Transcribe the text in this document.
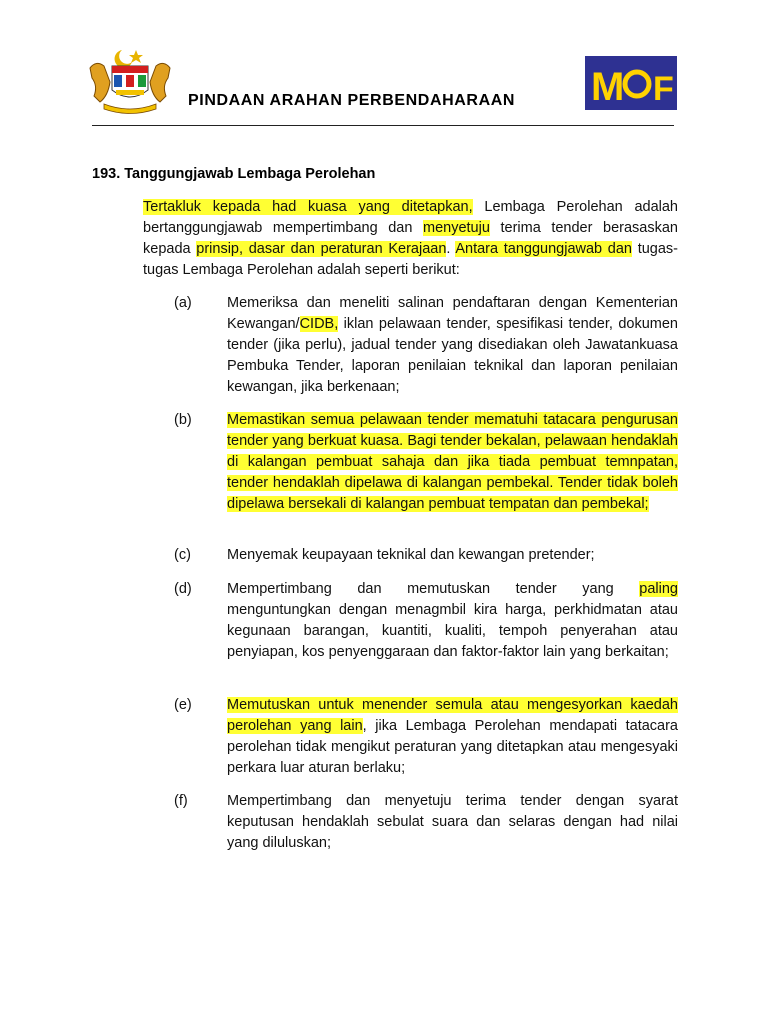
PINDAAN ARAHAN PERBENDAHARAAN M F
193. Tanggungjawab Lembaga Perolehan

Tertakluk kepada had kuasa yang ditetapkan, Lembaga Perolehan adalah bertanggungjawab mempertimbang dan menyetuju terima tender berasaskan kepada prinsip, dasar dan peraturan Kerajaan. Antara tanggungjawab dan tugas-tugas Lembaga Perolehan adalah seperti berikut:

(a) Memeriksa dan meneliti salinan pendaftaran dengan Kementerian Kewangan/CIDB, iklan pelawaan tender, spesifikasi tender, dokumen tender (jika perlu), jadual tender yang disediakan oleh Jawatankuasa Pembuka Tender, laporan penilaian teknikal dan laporan penilaian kewangan, jika berkenaan;
(b) Memastikan semua pelawaan tender mematuhi tatacara pengurusan tender yang berkuat kuasa. Bagi tender bekalan, pelawaan hendaklah di kalangan pembuat sahaja dan jika tiada pembuat temnpatan, tender hendaklah dipelawa di kalangan pembekal. Tender tidak boleh dipelawa bersekali di kalangan pembuat tempatan dan pembekal;
(c) Menyemak keupayaan teknikal dan kewangan pretender;
(d) Mempertimbang dan memutuskan tender yang paling menguntungkan dengan menagmbil kira harga, perkhidmatan atau kegunaan barangan, kuantiti, kualiti, tempoh penyerahan atau penyiapan, kos penyenggaraan dan faktor-faktor lain yang berkaitan;
(e) Memutuskan untuk menender semula atau mengesyorkan kaedah perolehan yang lain, jika Lembaga Perolehan mendapati tatacara perolehan tidak mengikut peraturan yang ditetapkan atau mengesyaki perkara luar aturan berlaku;
(f)	Mempertimbang dan menyetuju terima tender dengan syarat keputusan hendaklah sebulat suara dan selaras dengan had nilai yang diluluskan;
